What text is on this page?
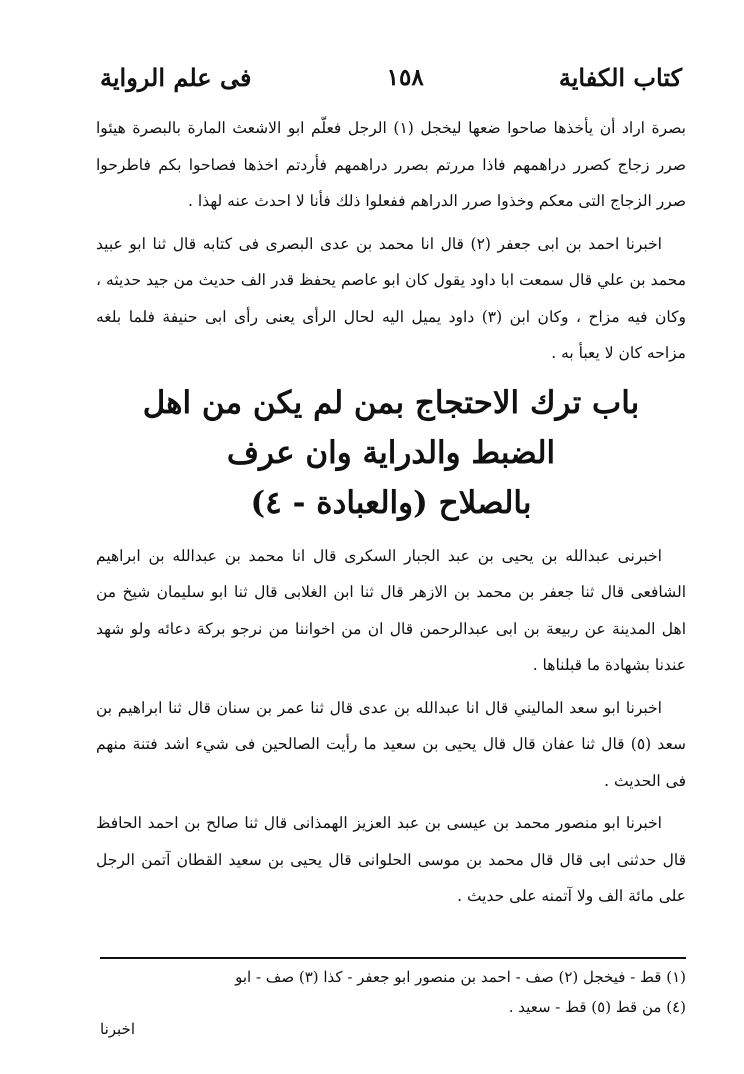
كتاب الكفاية
١٥٨
فى علم الرواية

بصرة اراد أن يأخذها صاحوا ضعها ليخجل (١) الرجل فعلّم ابو الاشعث المارة بالبصرة هيئوا صرر زجاج كصرر دراهمهم فاذا مررتم بصرر دراهمهم فأردتم اخذها فصاحوا بكم فاطرحوا صرر الزجاج التى معكم وخذوا صرر الدراهم ففعلوا ذلك فأنا لا احدث عنه لهذا .

اخبرنا احمد بن ابى جعفر (٢) قال انا محمد بن عدى البصرى فى كتابه قال ثنا ابو عبيد محمد بن علي قال سمعت ابا داود يقول كان ابو عاصم يحفظ قدر الف حديث من جيد حديثه ، وكان فيه مزاح ، وكان ابن (٣) داود يميل اليه لحال الرأى يعنى رأى ابى حنيفة فلما بلغه مزاحه كان لا يعبأ به .

باب ترك الاحتجاج بمن لم يكن من اهل
الضبط والدراية وان عرف
بالصلاح (والعبادة - ٤)

اخبرنى عبدالله بن يحيى بن عبد الجبار السكرى قال انا محمد بن عبدالله بن ابراهيم الشافعى قال ثنا جعفر بن محمد بن الازهر قال ثنا ابن الغلابى قال ثنا ابو سليمان شيخ من اهل المدينة عن ربيعة بن ابى عبدالرحمن قال ان من اخواننا من نرجو بركة دعائه ولو شهد عندنا بشهادة ما قبلناها .

اخبرنا ابو سعد الماليني قال انا عبدالله بن عدى قال ثنا عمر بن سنان قال ثنا ابراهيم بن سعد (٥) قال ثنا عفان قال قال يحيى بن سعيد ما رأيت الصالحين فى شيء اشد فتنة منهم فى الحديث .

اخبرنا ابو منصور محمد بن عيسى بن عبد العزيز الهمذانى قال ثنا صالح بن احمد الحافظ قال حدثنى ابى قال قال محمد بن موسى الحلوانى قال يحيى بن سعيد القطان آتمن الرجل على مائة الف ولا آتمنه على حديث .

(١) قط - فيخجل (٢) صف - احمد بن منصور ابو جعفر - كذا (٣) صف - ابو

(٤) من قط (٥) قط - سعيد .

اخبرنا
